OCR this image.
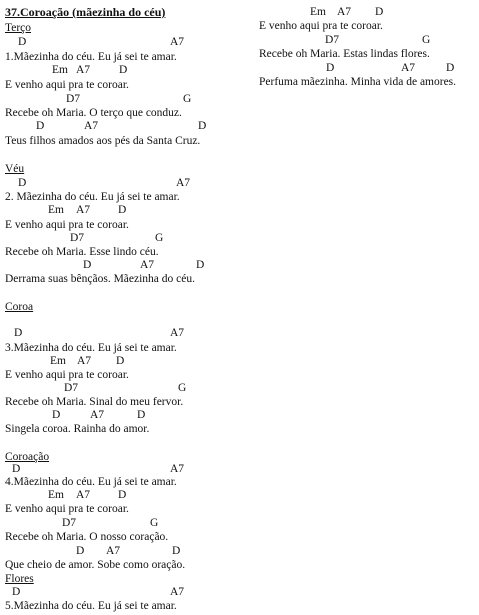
37.Coroação (mãezinha do céu)
Terço
D	A7
1.Mãezinha do céu. Eu já sei te amar.
Em A7	D
E venho aqui pra te coroar.
D7	G
Recebe oh Maria. O terço que conduz.
D	A7	D
Teus filhos amados aos pés da Santa Cruz.
Véu
D	A7
2. Mãezinha do céu. Eu já sei te amar.
Em A7 D
E venho aqui pra te coroar.
D7	G
Recebe oh Maria. Esse lindo céu.
D	A7	D
Derrama suas bênçãos. Mãezinha do céu.
Coroa
D	A7
3.Mãezinha do céu. Eu já sei te amar.
Em A7 D
E venho aqui pra te coroar.
D7	G
Recebe oh Maria. Sinal do meu fervor.
D	A7	D
Singela coroa. Rainha do amor.
Coroação
D	A7
4.Mãezinha do céu. Eu já sei te amar.
Em A7 D
E venho aqui pra te coroar.
D7	G
Recebe oh Maria. O nosso coração.
D A7	D
Que cheio de amor. Sobe como oração.
Flores
D	A7
5.Mãezinha do céu. Eu já sei te amar.
Em A7 D
E venho aqui pra te coroar.
D7	G
Recebe oh Maria. Estas lindas flores.
D	A7	D
Perfuma mãezinha. Minha vida de amores.
